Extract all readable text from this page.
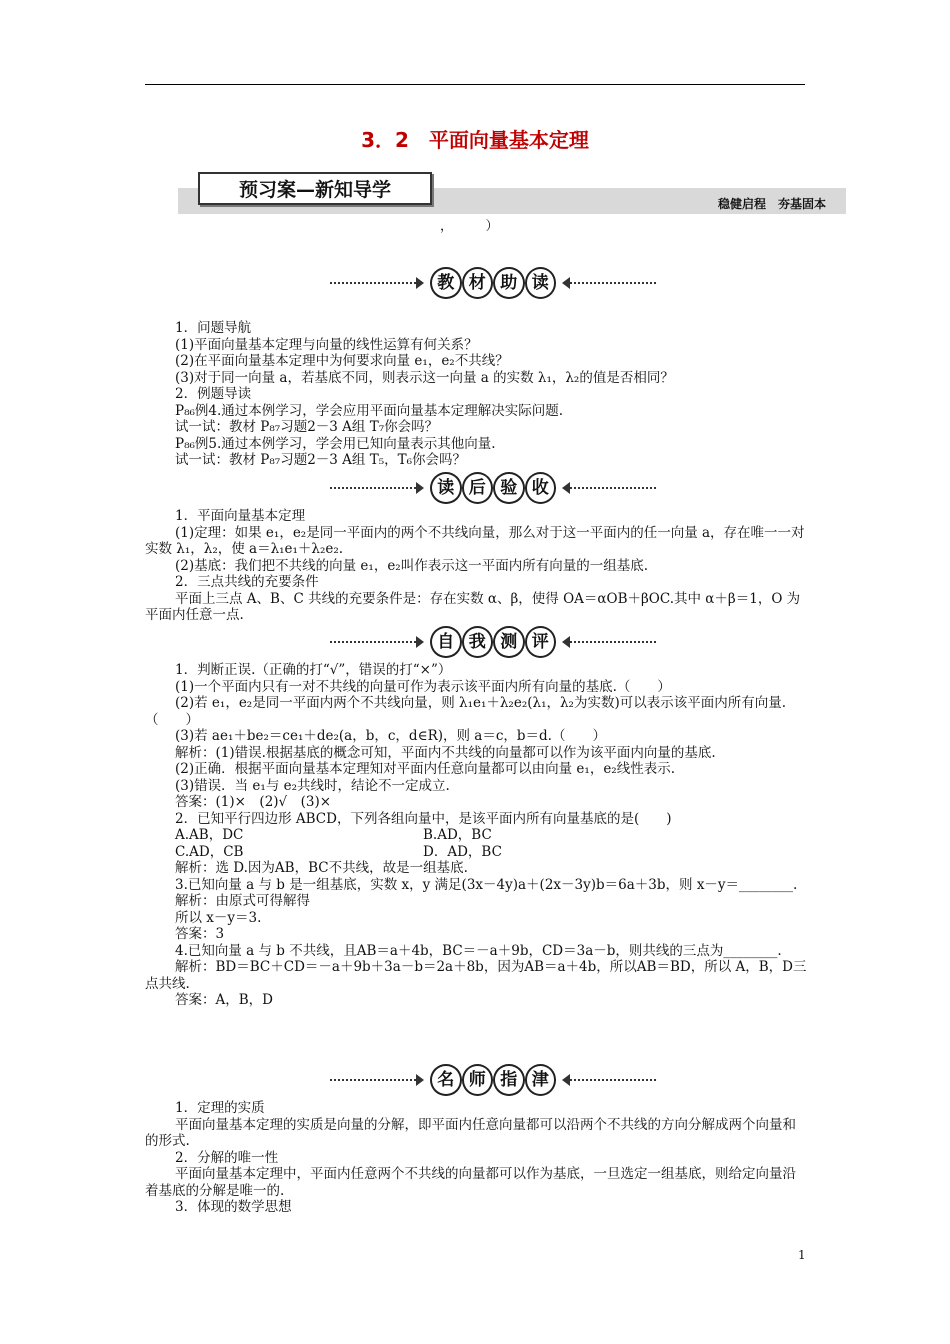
3．2　平面向量基本定理
预习案—新知导学
稳健启程　夯基固本
，　　　）
教 材 助 读

1．问题导航

(1)平面向量基本定理与向量的线性运算有何关系？

(2)在平面向量基本定理中为何要求向量 e₁，e₂不共线？

(3)对于同一向量 a，若基底不同，则表示这一向量 a 的实数 λ₁，λ₂的值是否相同？

2．例题导读

P₈₆例4.通过本例学习，学会应用平面向量基本定理解决实际问题.

试一试：教材 P₈₇习题2－3 A组 T₇你会吗？

P₈₆例5.通过本例学习，学会用已知向量表示其他向量.

试一试：教材 P₈₇习题2－3 A组 T₅，T₆你会吗？

读 后 验 收

1．平面向量基本定理

(1)定理：如果 e₁，e₂是同一平面内的两个不共线向量，那么对于这一平面内的任一向量 a，存在唯一一对实数 λ₁，λ₂，使 a＝λ₁e₁＋λ₂e₂.

(2)基底：我们把不共线的向量 e₁，e₂叫作表示这一平面内所有向量的一组基底.

2．三点共线的充要条件

平面上三点 A、B、C 共线的充要条件是：存在实数 α、β，使得 OA＝αOB＋βOC.其中 α＋β＝1，O 为平面内任意一点.

自 我 测 评

1．判断正误.（正确的打“√”，错误的打“×”）

(1)一个平面内只有一对不共线的向量可作为表示该平面内所有向量的基底.（　　）

(2)若 e₁，e₂是同一平面内两个不共线向量，则 λ₁e₁＋λ₂e₂(λ₁，λ₂为实数)可以表示该平面内所有向量.（　　）

(3)若 ae₁＋be₂＝ce₁＋de₂(a，b，c，d∈R)，则 a＝c，b＝d.（　　）

解析：(1)错误.根据基底的概念可知，平面内不共线的向量都可以作为该平面内向量的基底.

(2)正确．根据平面向量基本定理知对平面内任意向量都可以由向量 e₁，e₂线性表示.

(3)错误．当 e₁与 e₂共线时，结论不一定成立.

答案：(1)×　(2)√　(3)×

2．已知平行四边形 ABCD，下列各组向量中，是该平面内所有向量基底的是(　　)

A.AB，DC	B.AD，BC
C.AD，CB	D．AD，BC

解析：选 D.因为AB，BC不共线，故是一组基底.

3.已知向量 a 与 b 是一组基底，实数 x，y 满足(3x－4y)a＋(2x－3y)b＝6a＋3b，则 x－y＝________.

解析：由原式可得解得

所以 x－y＝3.

答案：3

4.已知向量 a 与 b 不共线，且AB＝a＋4b，BC＝－a＋9b，CD＝3a－b，则共线的三点为________.

解析：BD＝BC＋CD＝－a＋9b＋3a－b＝2a＋8b，因为AB＝a＋4b，所以AB＝BD，所以 A，B，D三点共线.

答案：A，B，D

名 师 指 津

1．定理的实质

平面向量基本定理的实质是向量的分解，即平面内任意向量都可以沿两个不共线的方向分解成两个向量和的形式.

2．分解的唯一性

平面向量基本定理中，平面内任意两个不共线的向量都可以作为基底，一旦选定一组基底，则给定向量沿着基底的分解是唯一的.

3．体现的数学思想

1
